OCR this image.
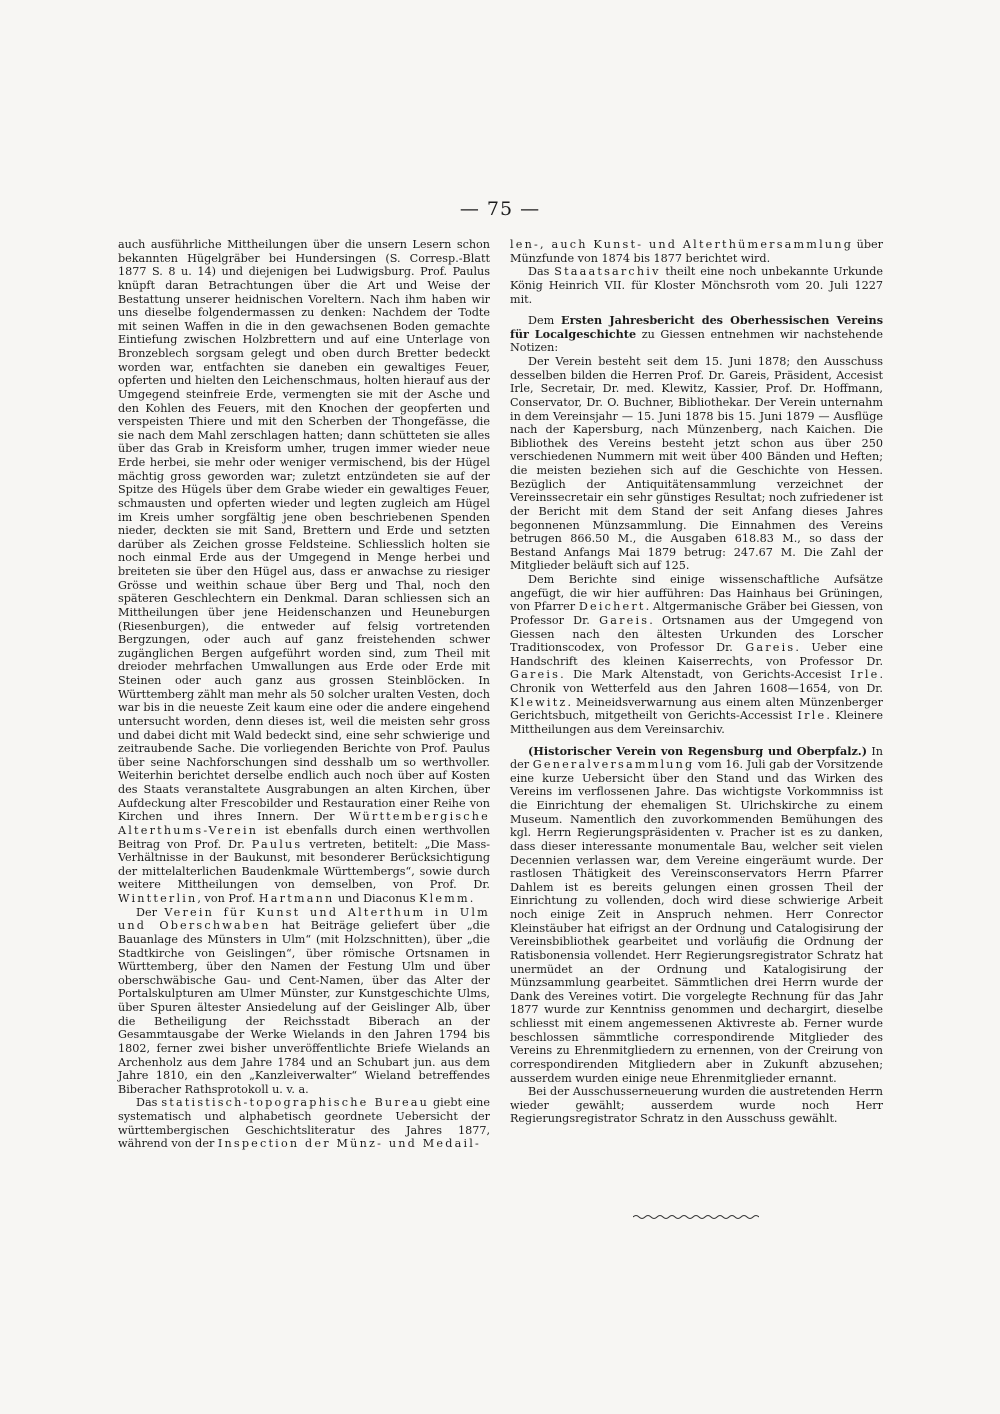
— 75 —

auch ausführliche Mittheilungen über die unsern Lesern schon bekannten Hügelgräber bei Hundersingen (S. Corresp.-Blatt 1877 S. 8 u. 14) und diejenigen bei Ludwigsburg. Prof. Paulus knüpft daran Betrachtungen über die Art und Weise der Bestattung unserer heidnischen Voreltern. Nach ihm haben wir uns dieselbe folgendermassen zu denken: Nachdem der Todte mit seinen Waffen in die in den gewachsenen Boden gemachte Eintiefung zwischen Holzbrettern und auf eine Unterlage von Bronzeblech sorgsam gelegt und oben durch Bretter bedeckt worden war, entfachten sie daneben ein gewaltiges Feuer, opferten und hielten den Leichenschmaus, holten hierauf aus der Umgegend steinfreie Erde, vermengten sie mit der Asche und den Kohlen des Feuers, mit den Knochen der geopferten und verspeisten Thiere und mit den Scherben der Thongefässe, die sie nach dem Mahl zerschlagen hatten; dann schütteten sie alles über das Grab in Kreisform umher, trugen immer wieder neue Erde herbei, sie mehr oder weniger vermischend, bis der Hügel mächtig gross geworden war; zuletzt entzündeten sie auf der Spitze des Hügels über dem Grabe wieder ein gewaltiges Feuer, schmausten und opferten wieder und legten zugleich am Hügel im Kreis umher sorgfältig jene oben beschriebenen Spenden nieder, deckten sie mit Sand, Brettern und Erde und setzten darüber als Zeichen grosse Feldsteine. Schliesslich holten sie noch einmal Erde aus der Umgegend in Menge herbei und breiteten sie über den Hügel aus, dass er anwachse zu riesiger Grösse und weithin schaue über Berg und Thal, noch den späteren Geschlechtern ein Denkmal. Daran schliessen sich an Mittheilungen über jene Heidenschanzen und Heuneburgen (Riesenburgen), die entweder auf felsig vortretenden Bergzungen, oder auch auf ganz freistehenden schwer zugänglichen Bergen aufgeführt worden sind, zum Theil mit dreioder mehrfachen Umwallungen aus Erde oder Erde mit Steinen oder auch ganz aus grossen Steinblöcken. In Württemberg zählt man mehr als 50 solcher uralten Vesten, doch war bis in die neueste Zeit kaum eine oder die andere eingehend untersucht worden, denn dieses ist, weil die meisten sehr gross und dabei dicht mit Wald bedeckt sind, eine sehr schwierige und zeitraubende Sache. Die vorliegenden Berichte von Prof. Paulus über seine Nachforschungen sind desshalb um so werthvoller. Weiterhin berichtet derselbe endlich auch noch über auf Kosten des Staats veranstaltete Ausgrabungen an alten Kirchen, über Aufdeckung alter Frescobilder und Restauration einer Reihe von Kirchen und ihres Innern. Der Württembergische Alterthums-Verein ist ebenfalls durch einen werthvollen Beitrag von Prof. Dr. Paulus vertreten, betitelt: „Die Mass-Verhältnisse in der Baukunst, mit besonderer Berücksichtigung der mittelalterlichen Baudenkmale Württembergs“, sowie durch weitere Mittheilungen von demselben, von Prof. Dr. Wintterlin, von Prof. Hartmann und Diaconus Klemm.

Der Verein für Kunst und Alterthum in Ulm und Oberschwaben hat Beiträge geliefert über „die Bauanlage des Münsters in Ulm“ (mit Holzschnitten), über „die Stadtkirche von Geislingen“, über römische Ortsnamen in Württemberg, über den Namen der Festung Ulm und über oberschwäbische Gau- und Cent-Namen, über das Alter der Portalskulpturen am Ulmer Münster, zur Kunstgeschichte Ulms, über Spuren ältester Ansiedelung auf der Geislinger Alb, über die Betheiligung der Reichsstadt Biberach an der Gesammtausgabe der Werke Wielands in den Jahren 1794 bis 1802, ferner zwei bisher unveröffentlichte Briefe Wielands an Archenholz aus dem Jahre 1784 und an Schubart jun. aus dem Jahre 1810, ein den „Kanzleiverwalter“ Wieland betreffendes Biberacher Rathsprotokoll u. v. a.

Das statistisch-topographische Bureau giebt eine systematisch und alphabetisch geordnete Uebersicht der württembergischen Geschichtsliteratur des Jahres 1877, während von der Inspection der Münz- und Medail-

len-, auch Kunst- und Alterthümersammlung über Münzfunde von 1874 bis 1877 berichtet wird.

Das Staaatsarchiv theilt eine noch unbekannte Urkunde König Heinrich VII. für Kloster Mönchsroth vom 20. Juli 1227 mit.

Dem Ersten Jahresbericht des Oberhessischen Vereins für Localgeschichte zu Giessen entnehmen wir nachstehende Notizen:

Der Verein besteht seit dem 15. Juni 1878; den Ausschuss desselben bilden die Herren Prof. Dr. Gareis, Präsident, Accesist Irle, Secretair, Dr. med. Klewitz, Kassier, Prof. Dr. Hoffmann, Conservator, Dr. O. Buchner, Bibliothekar. Der Verein unternahm in dem Vereinsjahr — 15. Juni 1878 bis 15. Juni 1879 — Ausflüge nach der Kapersburg, nach Münzenberg, nach Kaichen. Die Bibliothek des Vereins besteht jetzt schon aus über 250 verschiedenen Nummern mit weit über 400 Bänden und Heften; die meisten beziehen sich auf die Geschichte von Hessen. Bezüglich der Antiquitätensammlung verzeichnet der Vereinssecretair ein sehr günstiges Resultat; noch zufriedener ist der Bericht mit dem Stand der seit Anfang dieses Jahres begonnenen Münzsammlung. Die Einnahmen des Vereins betrugen 866.50 M., die Ausgaben 618.83 M., so dass der Bestand Anfangs Mai 1879 betrug: 247.67 M. Die Zahl der Mitglieder beläuft sich auf 125.

Dem Berichte sind einige wissenschaftliche Aufsätze angefügt, die wir hier aufführen: Das Hainhaus bei Grüningen, von Pfarrer Deichert. Altgermanische Gräber bei Giessen, von Professor Dr. Gareis. Ortsnamen aus der Umgegend von Giessen nach den ältesten Urkunden des Lorscher Traditionscodex, von Professor Dr. Gareis. Ueber eine Handschrift des kleinen Kaiserrechts, von Professor Dr. Gareis. Die Mark Altenstadt, von Gerichts-Accesist Irle. Chronik von Wetterfeld aus den Jahren 1608—1654, von Dr. Klewitz. Meineidsverwarnung aus einem alten Münzenberger Gerichtsbuch, mitgetheilt von Gerichts-Accessist Irle. Kleinere Mittheilungen aus dem Vereinsarchiv.

(Historischer Verein von Regensburg und Oberpfalz.) In der Generalversammlung vom 16. Juli gab der Vorsitzende eine kurze Uebersicht über den Stand und das Wirken des Vereins im verflossenen Jahre. Das wichtigste Vorkommniss ist die Einrichtung der ehemaligen St. Ulrichskirche zu einem Museum. Namentlich den zuvorkommenden Bemühungen des kgl. Herrn Regierungspräsidenten v. Pracher ist es zu danken, dass dieser interessante monumentale Bau, welcher seit vielen Decennien verlassen war, dem Vereine eingeräumt wurde. Der rastlosen Thätigkeit des Vereinsconservators Herrn Pfarrer Dahlem ist es bereits gelungen einen grossen Theil der Einrichtung zu vollenden, doch wird diese schwierige Arbeit noch einige Zeit in Anspruch nehmen. Herr Conrector Kleinstäuber hat eifrigst an der Ordnung und Catalogisirung der Vereinsbibliothek gearbeitet und vorläufig die Ordnung der Ratisbonensia vollendet. Herr Regierungsregistrator Schratz hat unermüdet an der Ordnung und Katalogisirung der Münzsammlung gearbeitet. Sämmtlichen drei Herrn wurde der Dank des Vereines votirt. Die vorgelegte Rechnung für das Jahr 1877 wurde zur Kenntniss genommen und dechargirt, dieselbe schliesst mit einem angemessenen Aktivreste ab. Ferner wurde beschlossen sämmtliche correspondirende Mitglieder des Vereins zu Ehrenmitgliedern zu ernennen, von der Creirung von correspondirenden Mitgliedern aber in Zukunft abzusehen; ausserdem wurden einige neue Ehrenmitglieder ernannt.

Bei der Ausschusserneuerung wurden die austretenden Herrn wieder gewählt; ausserdem wurde noch Herr Regierungsregistrator Schratz in den Ausschuss gewählt.
